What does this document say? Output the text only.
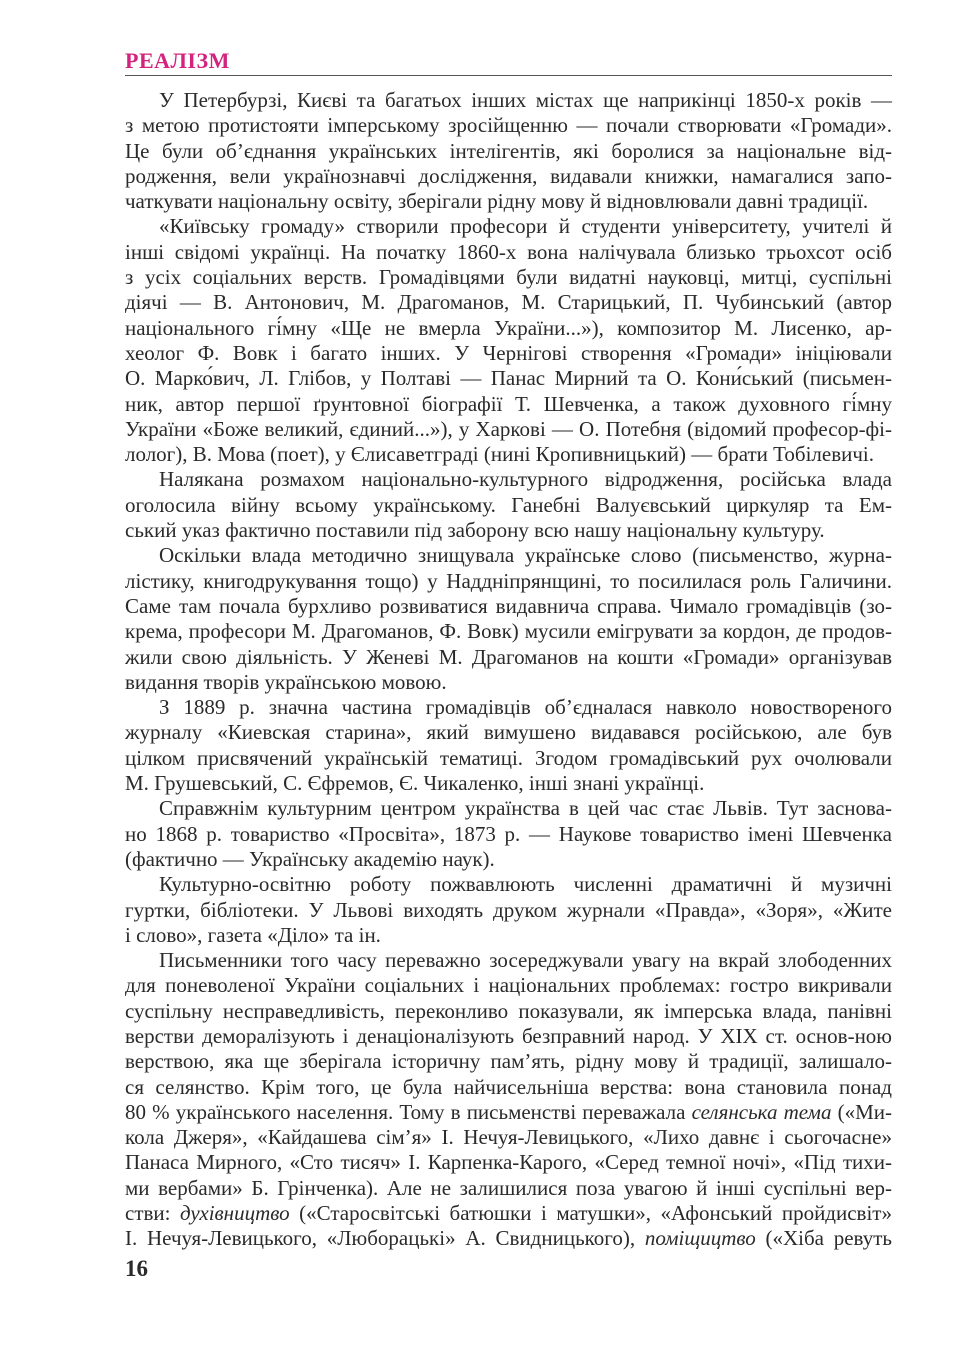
РЕАЛІЗМ
У Петербурзі, Києві та багатьох інших містах ще наприкінці 1850-х років —
з метою протистояти імперському зросійщенню — почали створювати «Громади».
Це були об’єднання українських інтелігентів, які боролися за національне від-
родження, вели українознавчі дослідження, видавали книжки, намагалися запо-
чаткувати національну освіту, зберігали рідну мову й відновлювали давні традиції.
«Київську громаду» створили професори й студенти університету, учителі й
інші свідомі українці. На початку 1860-х вона налічувала близько трьохсот осіб
з усіх соціальних верств. Громадівцями були видатні науковці, митці, суспільні
діячі — В. Антонович, М. Драгоманов, М. Старицький, П. Чубинський (автор
національного гі́мну «Ще не вмерла України...»), композитор М. Лисенко, ар-
хеолог Ф. Вовк і багато інших. У Чернігові створення «Громади» ініціювали
О. Марко́вич, Л. Глібов, у Полтаві — Панас Мирний та О. Кони́ський (письмен-
ник, автор першої ґрунтовної біографії Т. Шевченка, а також духовного гі́мну
України «Боже великий, єдиний...»), у Харкові — О. Потебня (відомий професор-фі-
лолог), В. Мова (поет), у Єлисаветграді (нині Кропивницький) — брати Тобілевичі.
Налякана розмахом національно-культурного відродження, російська влада
оголосила війну всьому українському. Ганебні Валуєвський циркуляр та Ем-
ський указ фактично поставили під заборону всю нашу національну культуру.
Оскільки влада методично знищувала українське слово (письменство, журна-
лістику, книгодрукування тощо) у Наддніпрянщині, то посилилася роль Галичини.
Саме там почала бурхливо розвиватися видавнича справа. Чимало громадівців (зо-
крема, професори М. Драгоманов, Ф. Вовк) мусили емігрувати за кордон, де продов-
жили свою діяльність. У Женеві М. Драгоманов на кошти «Громади» організував
видання творів українською мовою.
З 1889 р. значна частина громадівців об’єдналася навколо новоствореного
журналу «Киевская старина», який вимушено видавався російською, але був
цілком присвячений українській тематиці. Згодом громадівський рух очолювали
М. Грушевський, С. Єфремов, Є. Чикаленко, інші знані українці.
Справжнім культурним центром українства в цей час стає Львів. Тут заснова-
но 1868 р. товариство «Просвіта», 1873 р. — Наукове товариство імені Шевченка
(фактично — Українську академію наук).
Культурно-освітню роботу пожвавлюють численні драматичні й музичні
гуртки, бібліотеки. У Львові виходять друком журнали «Правда», «Зоря», «Жите
і слово», газета «Діло» та ін.
Письменники того часу переважно зосереджували увагу на вкрай злободенних
для поневоленої України соціальних і національних проблемах: гостро викривали
суспільну несправедливість, переконливо показували, як імперська влада, панівні
верстви деморалізують і денаціоналізують безправний народ. У XIX ст. основ-ною
верствою, яка ще зберігала історичну пам’ять, рідну мову й традиції, залишало-
ся селянство. Крім того, це була найчисельніша верства: вона становила понад
80 % українського населення. Тому в письменстві переважала селянська тема («Ми-
кола Джеря», «Кайдашева сім’я» І. Нечуя-Левицького, «Лихо давнє і сьогочасне»
Панаса Мирного, «Сто тисяч» І. Карпенка-Карого, «Серед темної ночі», «Під тихи-
ми вербами» Б. Грінченка). Але не залишилися поза увагою й інші суспільні вер-
стви: духівництво («Старосвітські батюшки і матушки», «Афонський пройдисвіт»
І. Нечуя-Левицького, «Люборацькі» А. Свидницького), поміщицтво («Хіба ревуть
16
